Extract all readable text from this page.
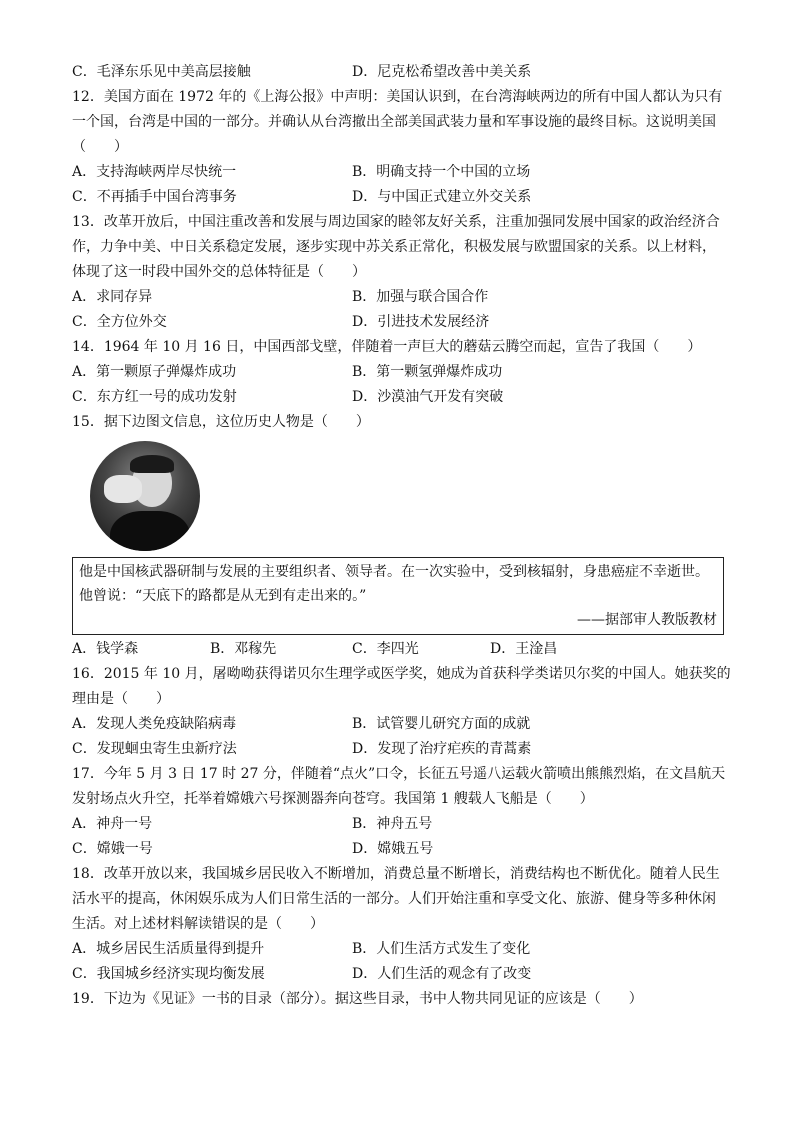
C．毛泽东乐见中美高层接触	D．尼克松希望改善中美关系
12．美国方面在 1972 年的《上海公报》中声明：美国认识到，在台湾海峡两边的所有中国人都认为只有
一个国，台湾是中国的一部分。并确认从台湾撤出全部美国武装力量和军事设施的最终目标。这说明美国
（　　）
A．支持海峡两岸尽快统一	B．明确支持一个中国的立场
C．不再插手中国台湾事务	D．与中国正式建立外交关系
13．改革开放后，中国注重改善和发展与周边国家的睦邻友好关系，注重加强同发展中国家的政治经济合
作，力争中美、中日关系稳定发展，逐步实现中苏关系正常化，积极发展与欧盟国家的关系。以上材料，
体现了这一时段中国外交的总体特征是（　　）
A．求同存异	B．加强与联合国合作
C．全方位外交	D．引进技术发展经济
14．1964 年 10 月 16 日，中国西部戈壁，伴随着一声巨大的蘑菇云腾空而起，宣告了我国（　　）
A．第一颗原子弹爆炸成功	B．第一颗氢弹爆炸成功
C．东方红一号的成功发射	D．沙漠油气开发有突破
15．据下边图文信息，这位历史人物是（　　）
他是中国核武器研制与发展的主要组织者、领导者。在一次实验中，受到核辐射，身患癌症不幸逝世。
他曾说：“天底下的路都是从无到有走出来的。”
——据部审人教版教材
A．钱学森	B．邓稼先	C．李四光	D．王淦昌
16．2015 年 10 月，屠呦呦获得诺贝尔生理学或医学奖，她成为首获科学类诺贝尔奖的中国人。她获奖的
理由是（　　）
A．发现人类免疫缺陷病毒	B．试管婴儿研究方面的成就
C．发现蛔虫寄生虫新疗法	D．发现了治疗疟疾的青蒿素
17．今年 5 月 3 日 17 时 27 分，伴随着“点火”口令，长征五号遥八运载火箭喷出熊熊烈焰，在文昌航天
发射场点火升空，托举着嫦娥六号探测器奔向苍穹。我国第 1 艘载人飞船是（　　）
A．神舟一号	B．神舟五号
C．嫦娥一号	D．嫦娥五号
18．改革开放以来，我国城乡居民收入不断增加，消费总量不断增长，消费结构也不断优化。随着人民生
活水平的提高，休闲娱乐成为人们日常生活的一部分。人们开始注重和享受文化、旅游、健身等多种休闲
生活。对上述材料解读错误的是（　　）
A．城乡居民生活质量得到提升	B．人们生活方式发生了变化
C．我国城乡经济实现均衡发展	D．人们生活的观念有了改变
19．下边为《见证》一书的目录（部分）。据这些目录，书中人物共同见证的应该是（　　）
